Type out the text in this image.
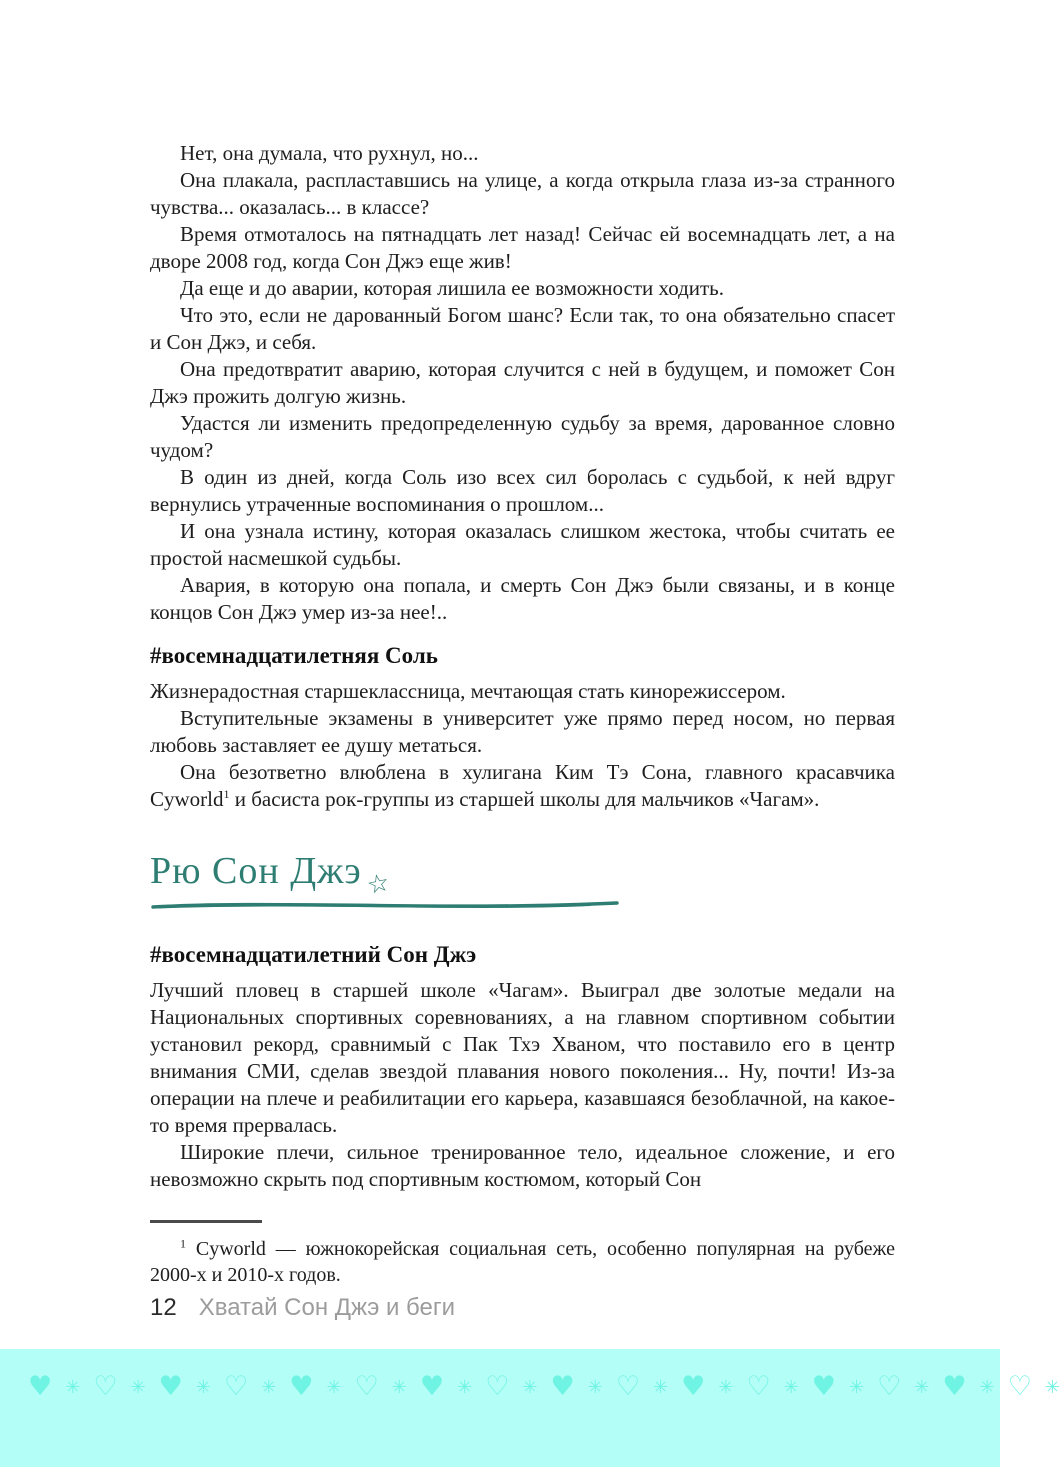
Нет, она думала, что рухнул, но...

Она плакала, распластавшись на улице, а когда открыла глаза из-за странного чувства... оказалась... в классе?

Время отмоталось на пятнадцать лет назад! Сейчас ей восемнадцать лет, а на дворе 2008 год, когда Сон Джэ еще жив!

Да еще и до аварии, которая лишила ее возможности ходить.

Что это, если не дарованный Богом шанс? Если так, то она обязательно спасет и Сон Джэ, и себя.

Она предотвратит аварию, которая случится с ней в будущем, и поможет Сон Джэ прожить долгую жизнь.

Удастся ли изменить предопределенную судьбу за время, дарованное словно чудом?

В один из дней, когда Соль изо всех сил боролась с судьбой, к ней вдруг вернулись утраченные воспоминания о прошлом...

И она узнала истину, которая оказалась слишком жестока, чтобы считать ее простой насмешкой судьбы.

Авария, в которую она попала, и смерть Сон Джэ были связаны, и в конце концов Сон Джэ умер из-за нее!..

#восемнадцатилетняя Соль

Жизнерадостная старшеклассница, мечтающая стать кинорежиссером.

Вступительные экзамены в университет уже прямо перед носом, но первая любовь заставляет ее душу метаться.

Она безответно влюблена в хулигана Ким Тэ Сона, главного красавчика Cyworld$^1$ и басиста рок-группы из старшей школы для мальчиков «Чагам».

Рю Сон Джэ☆
#восемнадцатилетний Сон Джэ

Лучший пловец в старшей школе «Чагам». Выиграл две золотые медали на Национальных спортивных соревнованиях, а на главном спортивном событии установил рекорд, сравнимый с Пак Тхэ Хваном, что поставило его в центр внимания СМИ, сделав звездой плавания нового поколения... Ну, почти! Из-за операции на плече и реабилитации его карьера, казавшаяся безоблачной, на какое-то время прервалась.

Широкие плечи, сильное тренированное тело, идеальное сложение, и его невозможно скрыть под спортивным костюмом, который Сон

$^1$ Cyworld — южнокорейская социальная сеть, особенно популярная на рубеже 2000-х и 2010-х годов.

12 Хватай Сон Джэ и беги
♥ ✳ ♡ ✳ ♥ ✳ ♡ ✳ ♥ ✳ ♡ ✳ ♥ ✳ ♡ ✳ ♥ ✳ ♡ ✳ ♥ ✳ ♡ ✳ ♥ ✳ ♡ ✳ ♥ ✳ ♡ ✳
